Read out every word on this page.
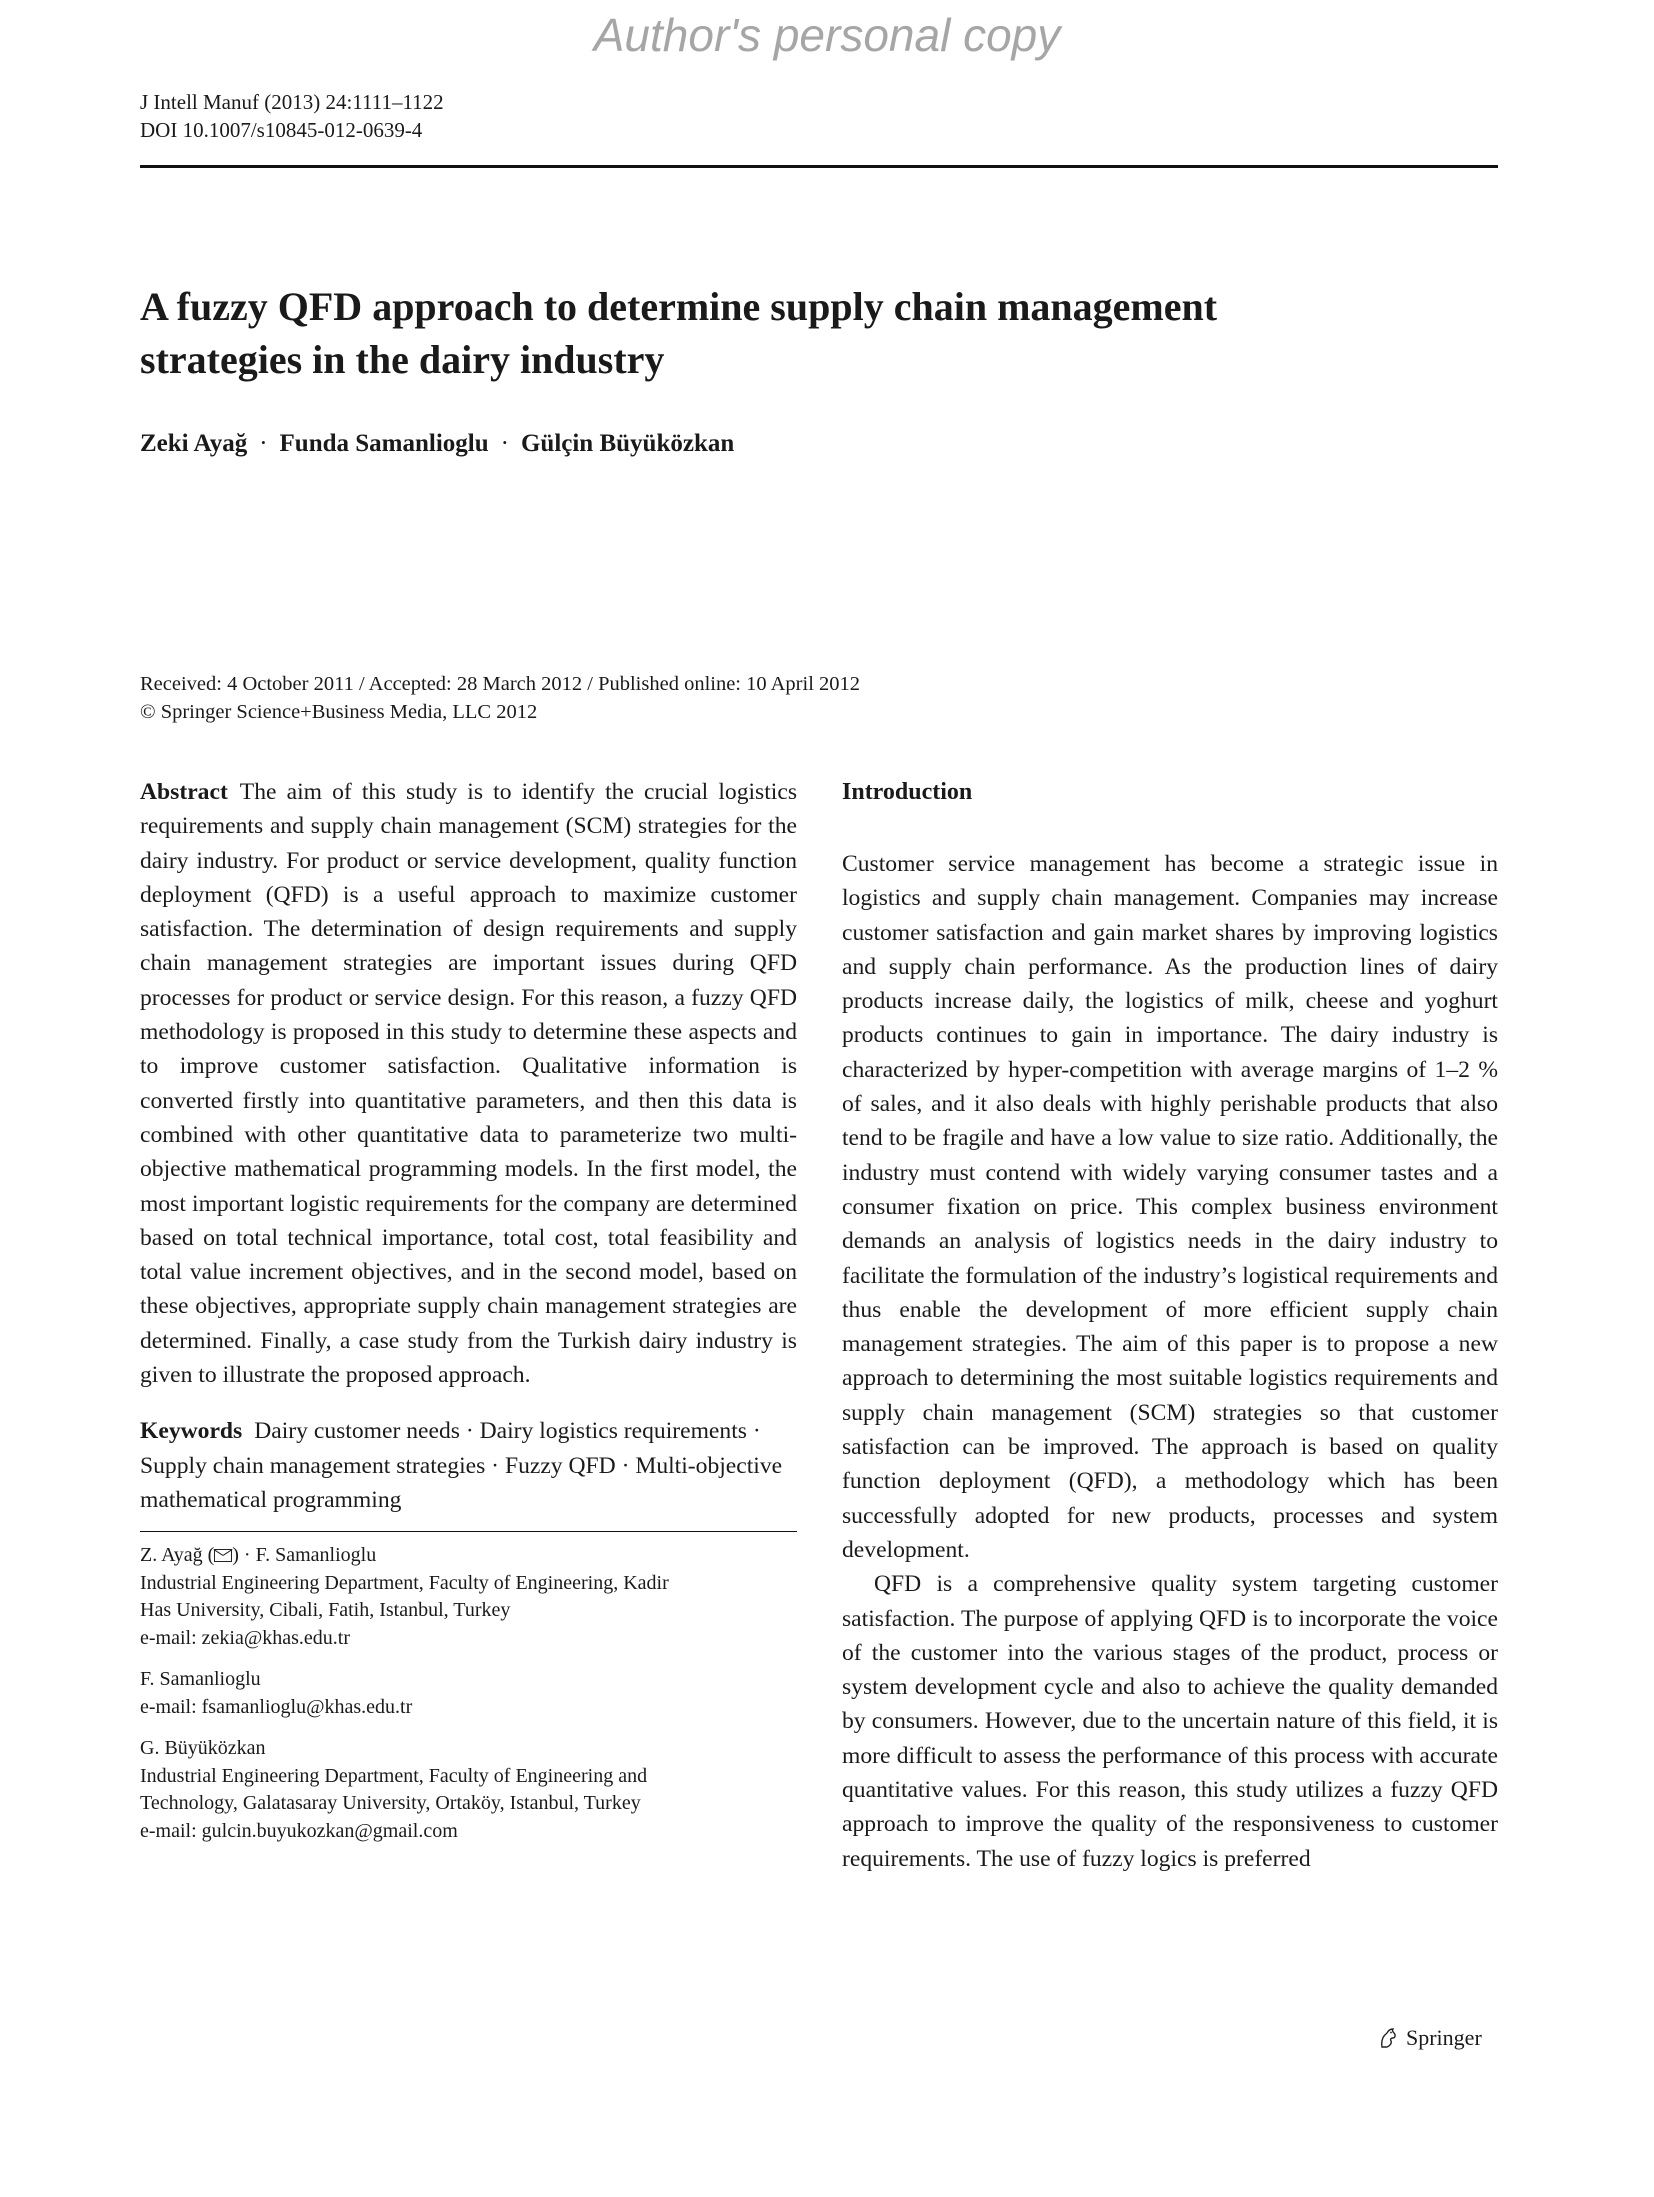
Author's personal copy
J Intell Manuf (2013) 24:1111–1122
DOI 10.1007/s10845-012-0639-4
A fuzzy QFD approach to determine supply chain management
strategies in the dairy industry
Zeki Ayağ · Funda Samanlioglu · Gülçin Büyüközkan
Received: 4 October 2011 / Accepted: 28 March 2012 / Published online: 10 April 2012
© Springer Science+Business Media, LLC 2012

Abstract The aim of this study is to identify the crucial logistics requirements and supply chain management (SCM) strategies for the dairy industry. For product or service development, quality function deployment (QFD) is a useful approach to maximize customer satisfaction. The determination of design requirements and supply chain management strategies are important issues during QFD processes for product or service design. For this reason, a fuzzy QFD methodology is proposed in this study to determine these aspects and to improve customer satisfaction. Qualitative information is converted firstly into quantitative parameters, and then this data is combined with other quantitative data to parameterize two multi-objective mathematical programming models. In the first model, the most important logistic requirements for the company are determined based on total technical importance, total cost, total feasibility and total value increment objectives, and in the second model, based on these objectives, appropriate supply chain management strategies are determined. Finally, a case study from the Turkish dairy industry is given to illustrate the proposed approach.

Keywords Dairy customer needs · Dairy logistics requirements · Supply chain management strategies · Fuzzy QFD · Multi-objective mathematical programming

Z. Ayağ ( ) · F. Samanlioglu

Industrial Engineering Department, Faculty of Engineering, Kadir

Has University, Cibali, Fatih, Istanbul, Turkey

e-mail: zekia@khas.edu.tr

F. Samanlioglu

e-mail: fsamanlioglu@khas.edu.tr

G. Büyüközkan

Industrial Engineering Department, Faculty of Engineering and

Technology, Galatasaray University, Ortaköy, Istanbul, Turkey

e-mail: gulcin.buyukozkan@gmail.com

Introduction

Customer service management has become a strategic issue in logistics and supply chain management. Companies may increase customer satisfaction and gain market shares by improving logistics and supply chain performance. As the production lines of dairy products increase daily, the logistics of milk, cheese and yoghurt products continues to gain in importance. The dairy industry is characterized by hyper-competition with average margins of 1–2 % of sales, and it also deals with highly perishable products that also tend to be fragile and have a low value to size ratio. Additionally, the industry must contend with widely varying consumer tastes and a consumer fixation on price. This complex business environment demands an analysis of logistics needs in the dairy industry to facilitate the formulation of the industry’s logistical requirements and thus enable the development of more efficient supply chain management strategies. The aim of this paper is to propose a new approach to determining the most suitable logistics requirements and supply chain management (SCM) strategies so that customer satisfaction can be improved. The approach is based on quality function deployment (QFD), a methodology which has been successfully adopted for new products, processes and system development.

QFD is a comprehensive quality system targeting customer satisfaction. The purpose of applying QFD is to incorporate the voice of the customer into the various stages of the product, process or system development cycle and also to achieve the quality demanded by consumers. However, due to the uncertain nature of this field, it is more difficult to assess the performance of this process with accurate quantitative values. For this reason, this study utilizes a fuzzy QFD approach to improve the quality of the responsiveness to customer requirements. The use of fuzzy logics is preferred

Springer
